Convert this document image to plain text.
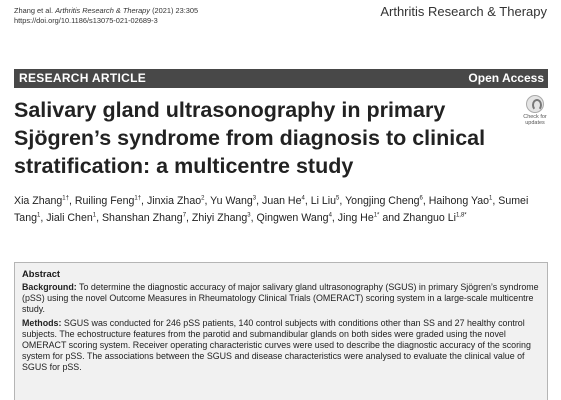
Zhang et al. Arthritis Research & Therapy (2021) 23:305
https://doi.org/10.1186/s13075-021-02689-3
Arthritis Research & Therapy
RESEARCH ARTICLE	Open Access
Salivary gland ultrasonography in primary Sjögren’s syndrome from diagnosis to clinical stratification: a multicentre study
Check for
updates
Xia Zhang$^{1\dagger}$, Ruiling Feng$^{1\dagger}$, Jinxia Zhao$^2$, Yu Wang$^3$, Juan He$^4$, Li Liu$^5$, Yongjing Cheng$^6$, Haihong Yao$^1$, Sumei Tang$^1$, Jiali Chen$^1$, Shanshan Zhang$^7$, Zhiyi Zhang$^3$, Qingwen Wang$^4$, Jing $He^{1*}$ and Zhanguo $Li^{1,8*}$
Abstract

Background: To determine the diagnostic accuracy of major salivary gland ultrasonography (SGUS) in primary Sjögren’s syndrome (pSS) using the novel Outcome Measures in Rheumatology Clinical Trials (OMERACT) scoring system in a large-scale multicentre study.

Methods: SGUS was conducted for 246 pSS patients, 140 control subjects with conditions other than SS and 27 healthy control subjects. The echostructure features from the parotid and submandibular glands on both sides were graded using the novel OMERACT scoring system. Receiver operating characteristic curves were used to describe the diagnostic accuracy of the scoring system for pSS. The associations between the SGUS and disease characteristics were analysed to evaluate the clinical value of SGUS for pSS.
